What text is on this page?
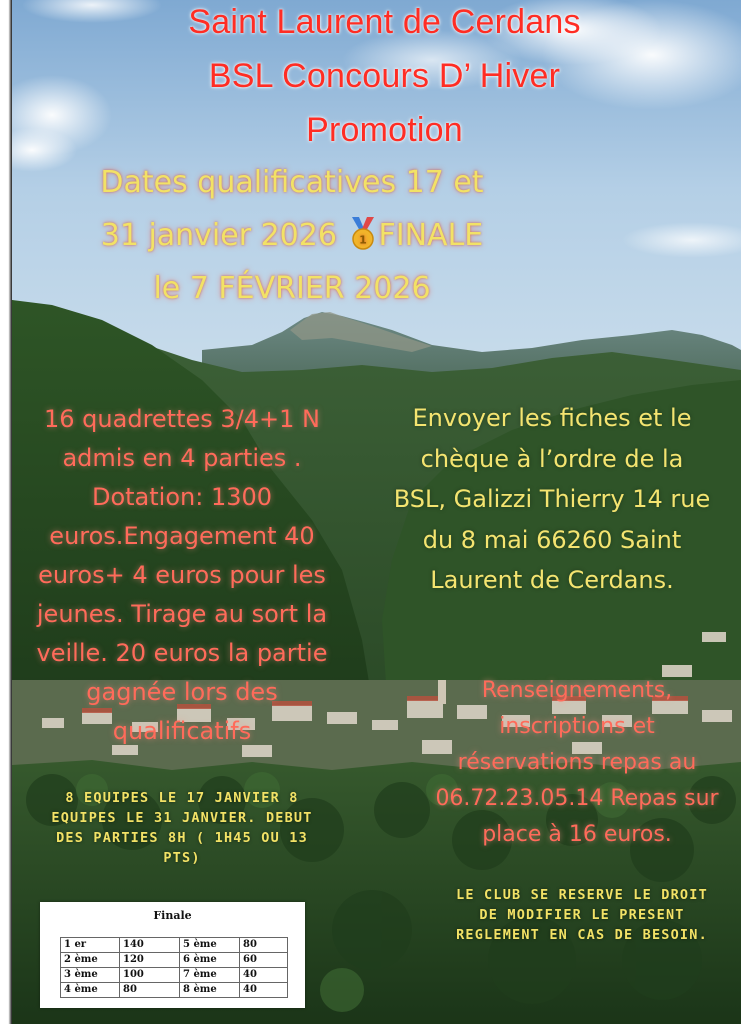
Saint Laurent de Cerdans
BSL Concours D’ Hiver
Promotion
Dates qualificatives 17 et
31 janvier 2026 1 FINALE
le 7 FÉVRIER 2026
16 quadrettes 3/4+1 N
admis en 4 parties .
Dotation: 1300
euros.Engagement 40
euros+ 4 euros pour les
jeunes. Tirage au sort la
veille. 20 euros la partie
gagnée lors des
qualificatifs
Envoyer les fiches et le
chèque à l’ordre de la
BSL, Galizzi Thierry 14 rue
du 8 mai 66260 Saint
Laurent de Cerdans.
Renseignements,
inscriptions et
réservations repas au
06.72.23.05.14 Repas sur
place à 16 euros.
8 EQUIPES LE 17 JANVIER 8
EQUIPES LE 31 JANVIER. DEBUT
DES PARTIES 8H ( 1H45 OU 13
PTS)
LE CLUB SE RESERVE LE DROIT
DE MODIFIER LE PRESENT
REGLEMENT EN CAS DE BESOIN.
Finale
1 er	140	5 ème	80
2 ème	120	6 ème	60
3 ème	100	7 ème	40
4 ème	80	8 ème	40
